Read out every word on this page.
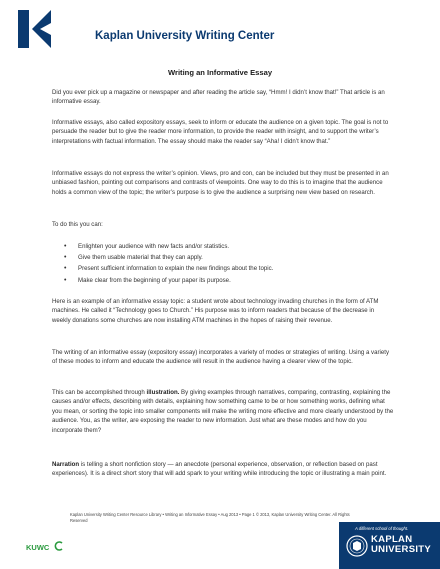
Kaplan University Writing Center
Writing an Informative Essay

Did you ever pick up a magazine or newspaper and after reading the article say, “Hmm! I didn’t know that!” That article is an informative essay.

Informative essays, also called expository essays, seek to inform or educate the audience on a given topic. The goal is not to persuade the reader but to give the reader more information, to provide the reader with insight, and to support the writer’s interpretations with factual information. The essay should make the reader say “Aha! I didn’t know that.”

Informative essays do not express the writer’s opinion. Views, pro and con, can be included but they must be presented in an unbiased fashion, pointing out comparisons and contrasts of viewpoints. One way to do this is to imagine that the audience holds a common view of the topic; the writer’s purpose is to give the audience a surprising new view based on research.

To do this you can:

• Enlighten your audience with new facts and/or statistics.
• Give them usable material that they can apply.
• Present sufficient information to explain the new findings about the topic.
• Make clear from the beginning of your paper its purpose.

Here is an example of an informative essay topic: a student wrote about technology invading churches in the form of ATM machines. He called it “Technology goes to Church.” His purpose was to inform readers that because of the decrease in weekly donations some churches are now installing ATM machines in the hopes of raising their revenue.

The writing of an informative essay (expository essay) incorporates a variety of modes or strategies of writing. Using a variety of these modes to inform and educate the audience will result in the audience having a clearer view of the topic.

This can be accomplished through illustration. By giving examples through narratives, comparing, contrasting, explaining the causes and/or effects, describing with details, explaining how something came to be or how something works, defining what you mean, or sorting the topic into smaller components will make the writing more effective and more clearly understood by the audience. You, as the writer, are exposing the reader to new information. Just what are these modes and how do you incorporate them?

Narration is telling a short nonfiction story — an anecdote (personal experience, observation, or reflection based on past experiences). It is a direct short story that will add spark to your writing while introducing the topic or illustrating a main point.

Kaplan University Writing Center Resource Library • Writing an Informative Essay • Aug 2013 • Page 1 © 2013, Kaplan University Writing Center. All Rights Reserved
KUWC
A different school of thought.
KAPLAN
UNIVERSITY
